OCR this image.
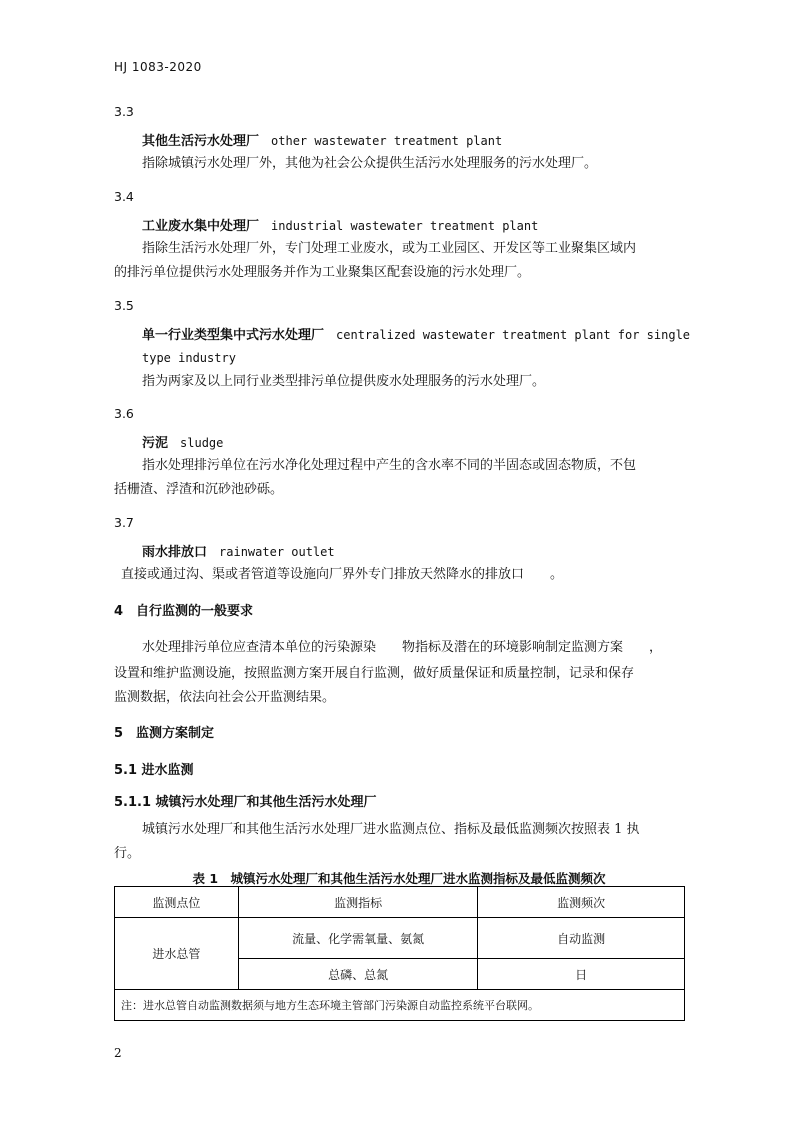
HJ 1083-2020
3.3
其他生活污水处理厂 other wastewater treatment plant
指除城镇污水处理厂外，其他为社会公众提供生活污水处理服务的污水处理厂。
3.4
工业废水集中处理厂 industrial wastewater treatment plant
指除生活污水处理厂外，专门处理工业废水，或为工业园区、开发区等工业聚集区域内
的排污单位提供污水处理服务并作为工业聚集区配套设施的污水处理厂。
3.5
单一行业类型集中式污水处理厂 centralized wastewater treatment plant for single
type industry
指为两家及以上同行业类型排污单位提供废水处理服务的污水处理厂。
3.6
污泥 sludge
指水处理排污单位在污水净化处理过程中产生的含水率不同的半固态或固态物质，不包
括栅渣、浮渣和沉砂池砂砾。
3.7
雨水排放口 rainwater outlet
直接或通过沟、渠或者管道等设施向厂界外专门排放天然降水的排放口　　。
4　自行监测的一般要求
水处理排污单位应查清本单位的污染源染　　物指标及潜在的环境影响制定监测方案　　，
设置和维护监测设施，按照监测方案开展自行监测，做好质量保证和质量控制，记录和保存
监测数据，依法向社会公开监测结果。
5　监测方案制定
5.1 进水监测
5.1.1 城镇污水处理厂和其他生活污水处理厂
城镇污水处理厂和其他生活污水处理厂进水监测点位、指标及最低监测频次按照表 1 执
行。
表 1　城镇污水处理厂和其他生活污水处理厂进水监测指标及最低监测频次
监测点位	监测指标	监测频次
进水总管	流量、化学需氧量、氨氮	自动监测
	总磷、总氮	日
注：进水总管自动监测数据须与地方生态环境主管部门污染源自动监控系统平台联网。		
2
